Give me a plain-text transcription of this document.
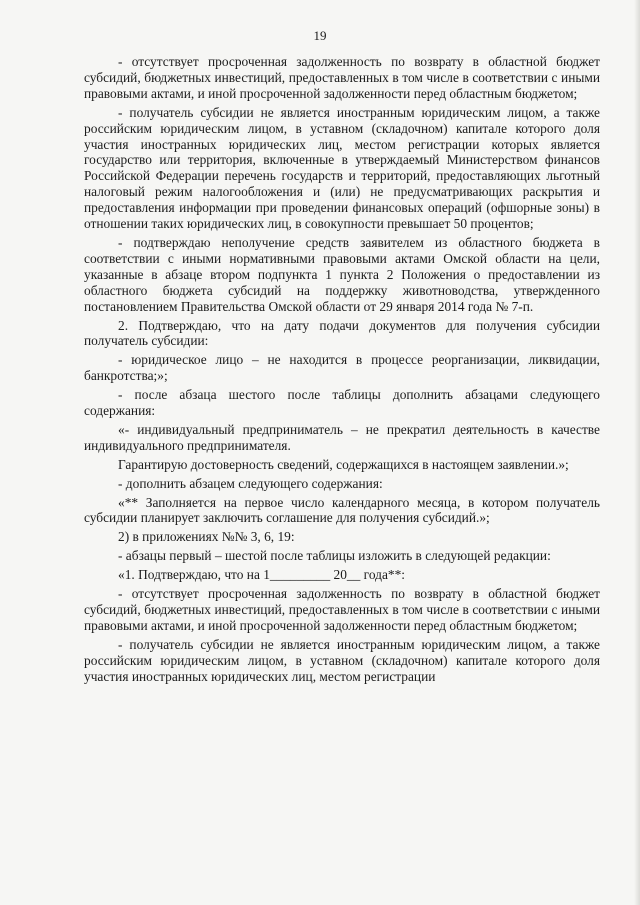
19

- отсутствует просроченная задолженность по возврату в областной бюджет субсидий, бюджетных инвестиций, предоставленных в том числе в соответствии с иными правовыми актами, и иной просроченной задолженности перед областным бюджетом;

- получатель субсидии не является иностранным юридическим лицом, а также российским юридическим лицом, в уставном (складочном) капитале которого доля участия иностранных юридических лиц, местом регистрации которых является государство или территория, включенные в утверждаемый Министерством финансов Российской Федерации перечень государств и территорий, предоставляющих льготный налоговый режим налогообложения и (или) не предусматривающих раскрытия и предоставления информации при проведении финансовых операций (офшорные зоны) в отношении таких юридических лиц, в совокупности превышает 50 процентов;

- подтверждаю неполучение средств заявителем из областного бюджета в соответствии с иными нормативными правовыми актами Омской области на цели, указанные в абзаце втором подпункта 1 пункта 2 Положения о предоставлении из областного бюджета субсидий на поддержку животноводства, утвержденного постановлением Правительства Омской области от 29 января 2014 года № 7-п.

2. Подтверждаю, что на дату подачи документов для получения субсидии получатель субсидии:

- юридическое лицо – не находится в процессе реорганизации, ликвидации, банкротства;»;

- после абзаца шестого после таблицы дополнить абзацами следующего содержания:

«- индивидуальный предприниматель – не прекратил деятельность в качестве индивидуального предпринимателя.

Гарантирую достоверность сведений, содержащихся в настоящем заявлении.»;

- дополнить абзацем следующего содержания:

«** Заполняется на первое число календарного месяца, в котором получатель субсидии планирует заключить соглашение для получения субсидий.»;

2) в приложениях №№ 3, 6, 19:

- абзацы первый – шестой после таблицы изложить в следующей редакции:

«1. Подтверждаю, что на 1_________ 20__ года**:

- отсутствует просроченная задолженность по возврату в областной бюджет субсидий, бюджетных инвестиций, предоставленных в том числе в соответствии с иными правовыми актами, и иной просроченной задолженности перед областным бюджетом;

- получатель субсидии не является иностранным юридическим лицом, а также российским юридическим лицом, в уставном (складочном) капитале которого доля участия иностранных юридических лиц, местом регистрации
